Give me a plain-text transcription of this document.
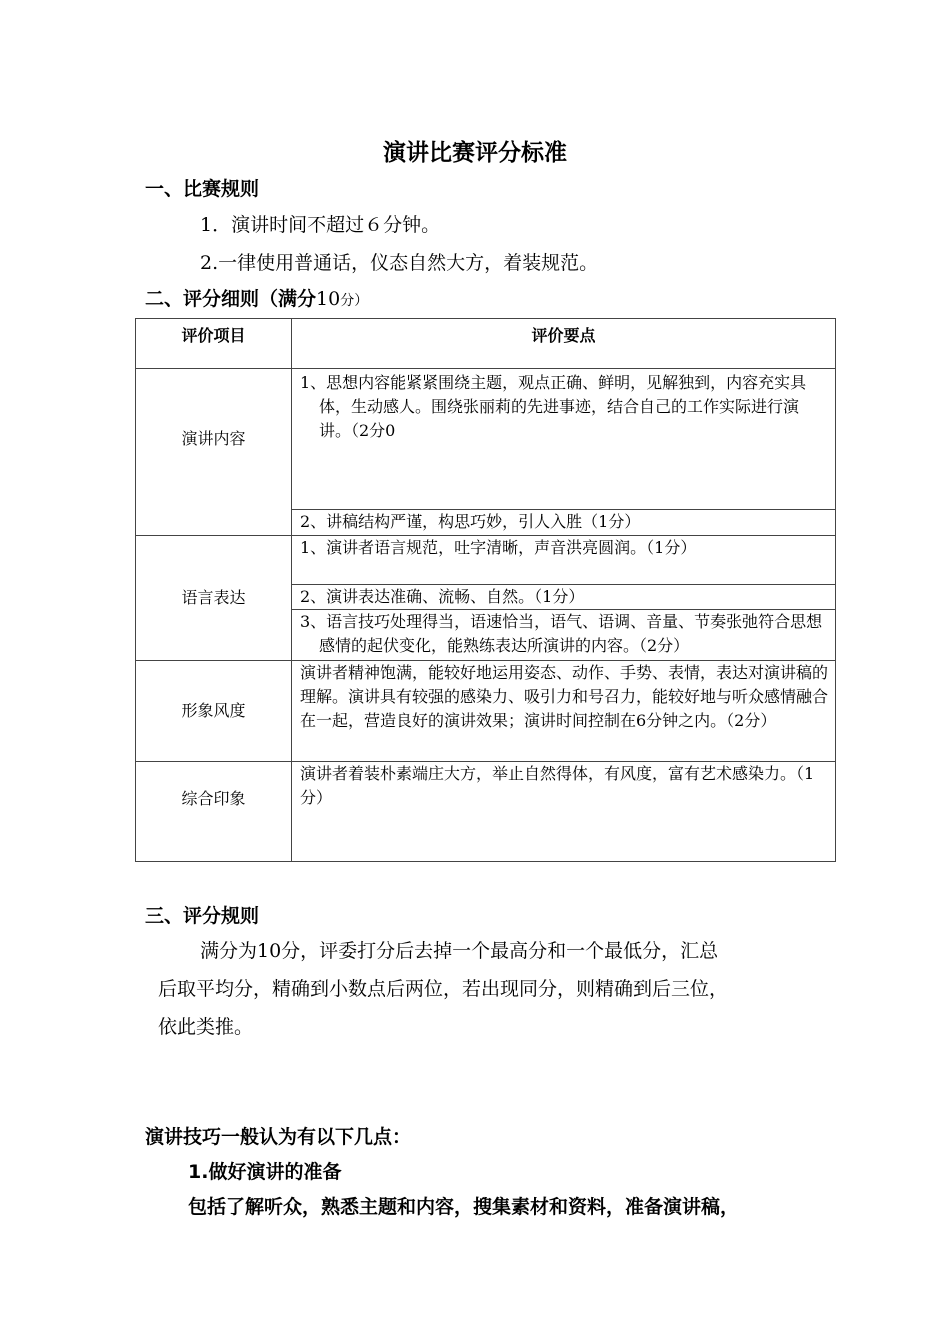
演讲比赛评分标准
一、比赛规则
1．演讲时间不超过６分钟。
2.一律使用普通话，仪态自然大方，着装规范。
二、评分细则（满分10分）
评价项目	评价要点

演讲内容	1、思想内容能紧紧围绕主题，观点正确、鲜明，见解独到，内容充实具体，生动感人。围绕张丽莉的先进事迹，结合自己的工作实际进行演讲。（2分0

	2、讲稿结构严谨，构思巧妙，引人入胜（1分）

语言表达	1、演讲者语言规范，吐字清晰，声音洪亮圆润。（1分）

	2、演讲表达准确、流畅、自然。（1分）

	3、语言技巧处理得当，语速恰当，语气、语调、音量、节奏张弛符合思想感情的起伏变化，能熟练表达所演讲的内容。（2分）

形象风度	演讲者精神饱满，能较好地运用姿态、动作、手势、表情，表达对演讲稿的理解。演讲具有较强的感染力、吸引力和号召力，能较好地与听众感情融合在一起，营造良好的演讲效果；演讲时间控制在6分钟之内。（2分）

综合印象	演讲者着装朴素端庄大方，举止自然得体，有风度，富有艺术感染力。（1分）
三、评分规则
满分为10分，评委打分后去掉一个最高分和一个最低分，汇总
后取平均分，精确到小数点后两位，若出现同分，则精确到后三位，
依此类推。
演讲技巧一般认为有以下几点：
1.做好演讲的准备
包括了解听众，熟悉主题和内容，搜集素材和资料，准备演讲稿，
